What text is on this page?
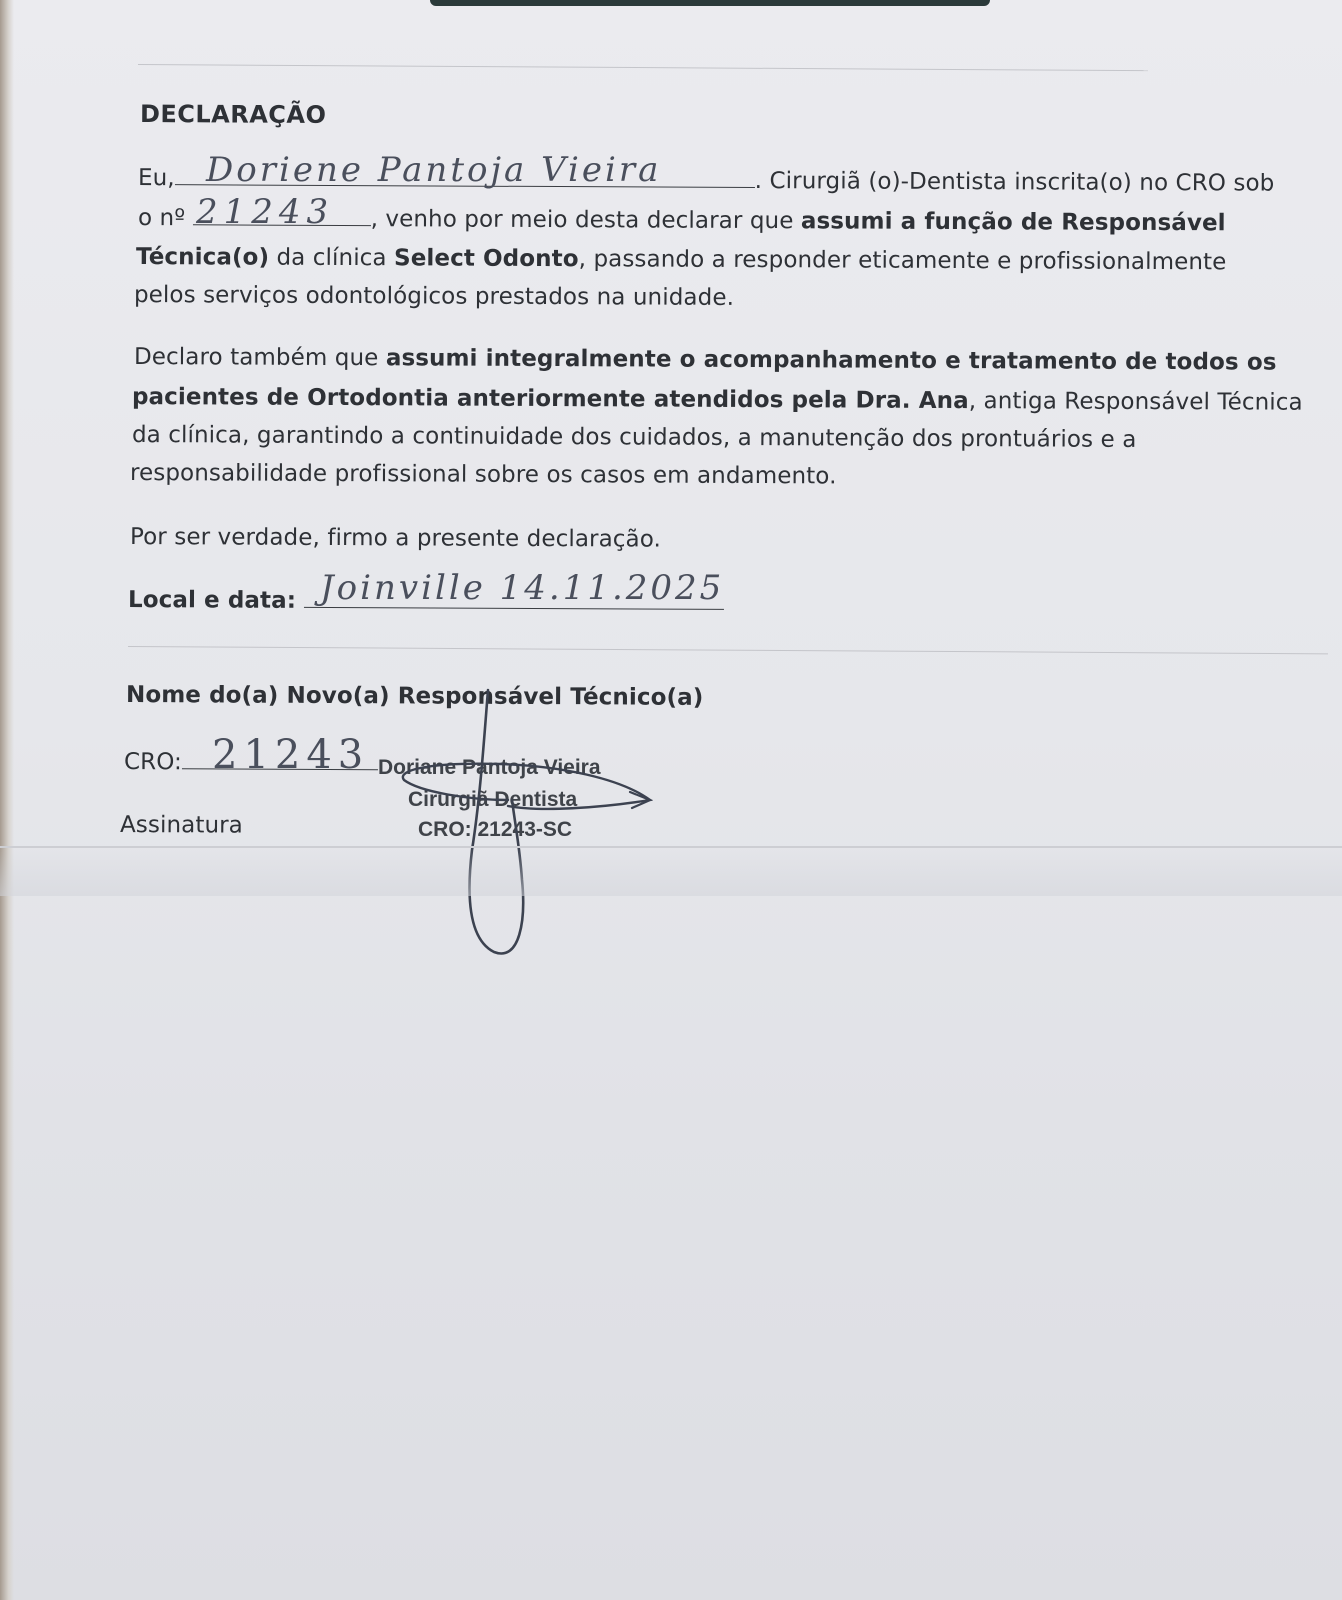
DECLARAÇÃO
Eu,	. Cirurgiã (o)-Dentista inscrita(o) no CRO sob
o nº	, venho por meio desta declarar que assumi a função de Responsável
Técnica(o) da clínica Select Odonto, passando a responder eticamente e profissionalmente
pelos serviços odontológicos prestados na unidade.
Declaro também que assumi integralmente o acompanhamento e tratamento de todos os
pacientes de Ortodontia anteriormente atendidos pela Dra. Ana, antiga Responsável Técnica
da clínica, garantindo a continuidade dos cuidados, a manutenção dos prontuários e a
responsabilidade profissional sobre os casos em andamento.
Por ser verdade, firmo a presente declaração.
Local e data:
Nome do(a) Novo(a) Responsável Técnico(a)
CRO:
Assinatura
Doriane Pantoja Vieira
Cirurgiã Dentista
CRO: 21243-SC
Doriene Pantoja Vieira
21243
Joinville 14.11.2025
21243
